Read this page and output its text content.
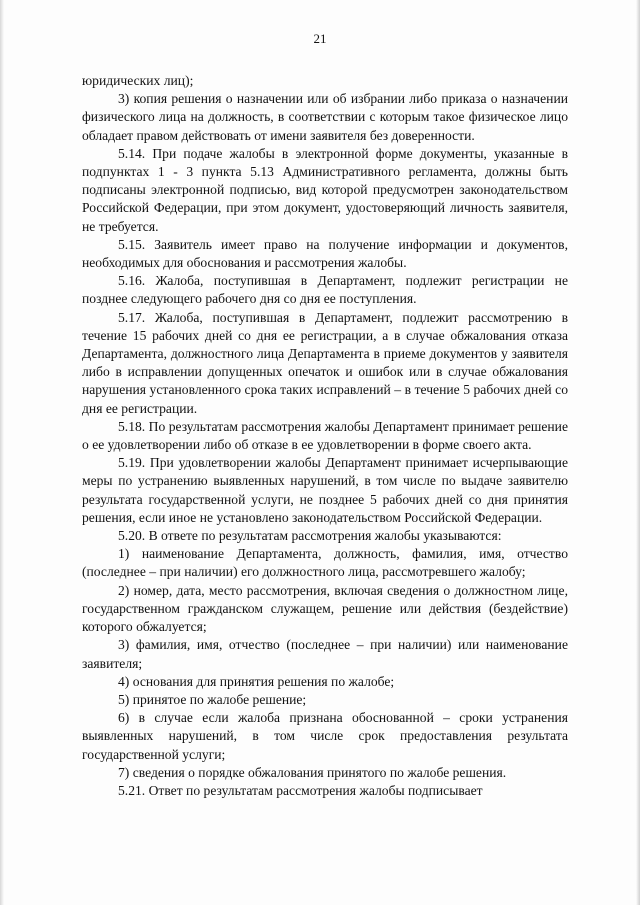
21

юридических лиц);

3) копия решения о назначении или об избрании либо приказа о назначении физического лица на должность, в соответствии с которым такое физическое лицо обладает правом действовать от имени заявителя без доверенности.

5.14. При подаче жалобы в электронной форме документы, указанные в подпунктах 1 - 3 пункта 5.13 Административного регламента, должны быть подписаны электронной подписью, вид которой предусмотрен законодательством Российской Федерации, при этом документ, удостоверяющий личность заявителя, не требуется.

5.15. Заявитель имеет право на получение информации и документов, необходимых для обоснования и рассмотрения жалобы.

5.16. Жалоба, поступившая в Департамент, подлежит регистрации не позднее следующего рабочего дня со дня ее поступления.

5.17. Жалоба, поступившая в Департамент, подлежит рассмотрению в течение 15 рабочих дней со дня ее регистрации, а в случае обжалования отказа Департамента, должностного лица Департамента в приеме документов у заявителя либо в исправлении допущенных опечаток и ошибок или в случае обжалования нарушения установленного срока таких исправлений – в течение 5 рабочих дней со дня ее регистрации.

5.18. По результатам рассмотрения жалобы Департамент принимает решение о ее удовлетворении либо об отказе в ее удовлетворении в форме своего акта.

5.19. При удовлетворении жалобы Департамент принимает исчерпывающие меры по устранению выявленных нарушений, в том числе по выдаче заявителю результата государственной услуги, не позднее 5 рабочих дней со дня принятия решения, если иное не установлено законодательством Российской Федерации.

5.20. В ответе по результатам рассмотрения жалобы указываются:

1) наименование Департамента, должность, фамилия, имя, отчество (последнее – при наличии) его должностного лица, рассмотревшего жалобу;

2) номер, дата, место рассмотрения, включая сведения о должностном лице, государственном гражданском служащем, решение или действия (бездействие) которого обжалуется;

3) фамилия, имя, отчество (последнее – при наличии) или наименование заявителя;

4) основания для принятия решения по жалобе;

5) принятое по жалобе решение;

6) в случае если жалоба признана обоснованной – сроки устранения выявленных нарушений, в том числе срок предоставления результата государственной услуги;

7) сведения о порядке обжалования принятого по жалобе решения.

5.21. Ответ по результатам рассмотрения жалобы подписывает
